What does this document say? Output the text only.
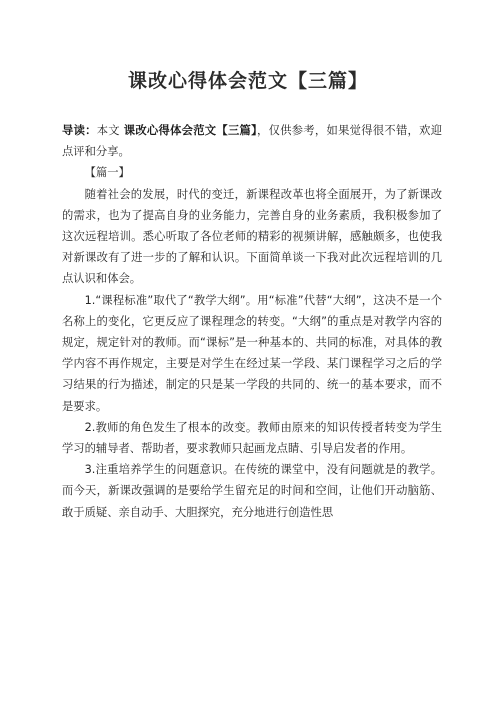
课改心得体会范文【三篇】

导读：本文 课改心得体会范文【三篇】，仅供参考，如果觉得很不错，欢迎点评和分享。

【篇一】

随着社会的发展，时代的变迁，新课程改革也将全面展开，为了新课改的需求，也为了提高自身的业务能力，完善自身的业务素质，我积极参加了这次远程培训。悉心听取了各位老师的精彩的视频讲解，感触颇多，也使我对新课改有了进一步的了解和认识。下面简单谈一下我对此次远程培训的几点认识和体会。

1.“课程标准”取代了“教学大纲”。用“标准”代替“大纲”，这决不是一个名称上的变化，它更反应了课程理念的转变。“大纲”的重点是对教学内容的规定，规定针对的教师。而“课标”是一种基本的、共同的标准，对具体的教学内容不再作规定，主要是对学生在经过某一学段、某门课程学习之后的学习结果的行为描述，制定的只是某一学段的共同的、统一的基本要求，而不是要求。

2.教师的角色发生了根本的改变。教师由原来的知识传授者转变为学生学习的辅导者、帮助者，要求教师只起画龙点睛、引导启发者的作用。

3.注重培养学生的问题意识。在传统的课堂中，没有问题就是的教学。而今天，新课改强调的是要给学生留充足的时间和空间，让他们开动脑筋、敢于质疑、亲自动手、大胆探究，充分地进行创造性思
